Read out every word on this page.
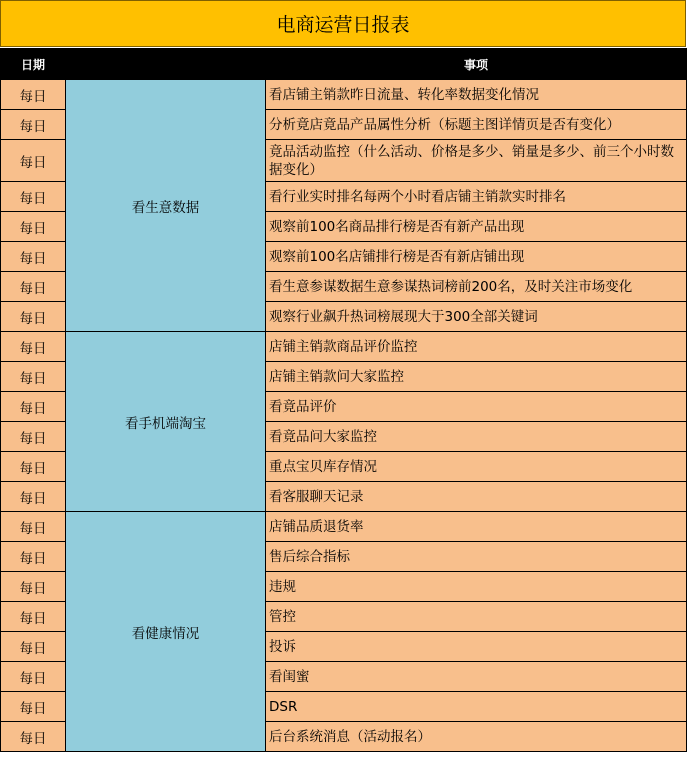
电商运营日报表
日期		事项
每日	看生意数据	看店铺主销款昨日流量、转化率数据变化情况
每日		分析竟店竟品产品属性分析（标题主图详情页是否有变化）
每日		竟品活动监控（什么活动、价格是多少、销量是多少、前三个小时数据变化）
每日		看行业实时排名每两个小时看店铺主销款实时排名
每日		观察前100名商品排行榜是否有新产品出现
每日		观察前100名店铺排行榜是否有新店铺出现
每日		看生意参谋数据生意参谋热词榜前200名，及时关注市场变化
每日		观察行业飙升热词榜展现大于300全部关键词
每日	看手机端淘宝	店铺主销款商品评价监控
每日		店铺主销款问大家监控
每日		看竟品评价
每日		看竟品问大家监控
每日		重点宝贝库存情况
每日		看客服聊天记录
每日	看健康情况	店铺品质退货率
每日		售后综合指标
每日		违规
每日		管控
每日		投诉
每日		看闺蜜
每日		DSR
每日		后台系统消息（活动报名）
